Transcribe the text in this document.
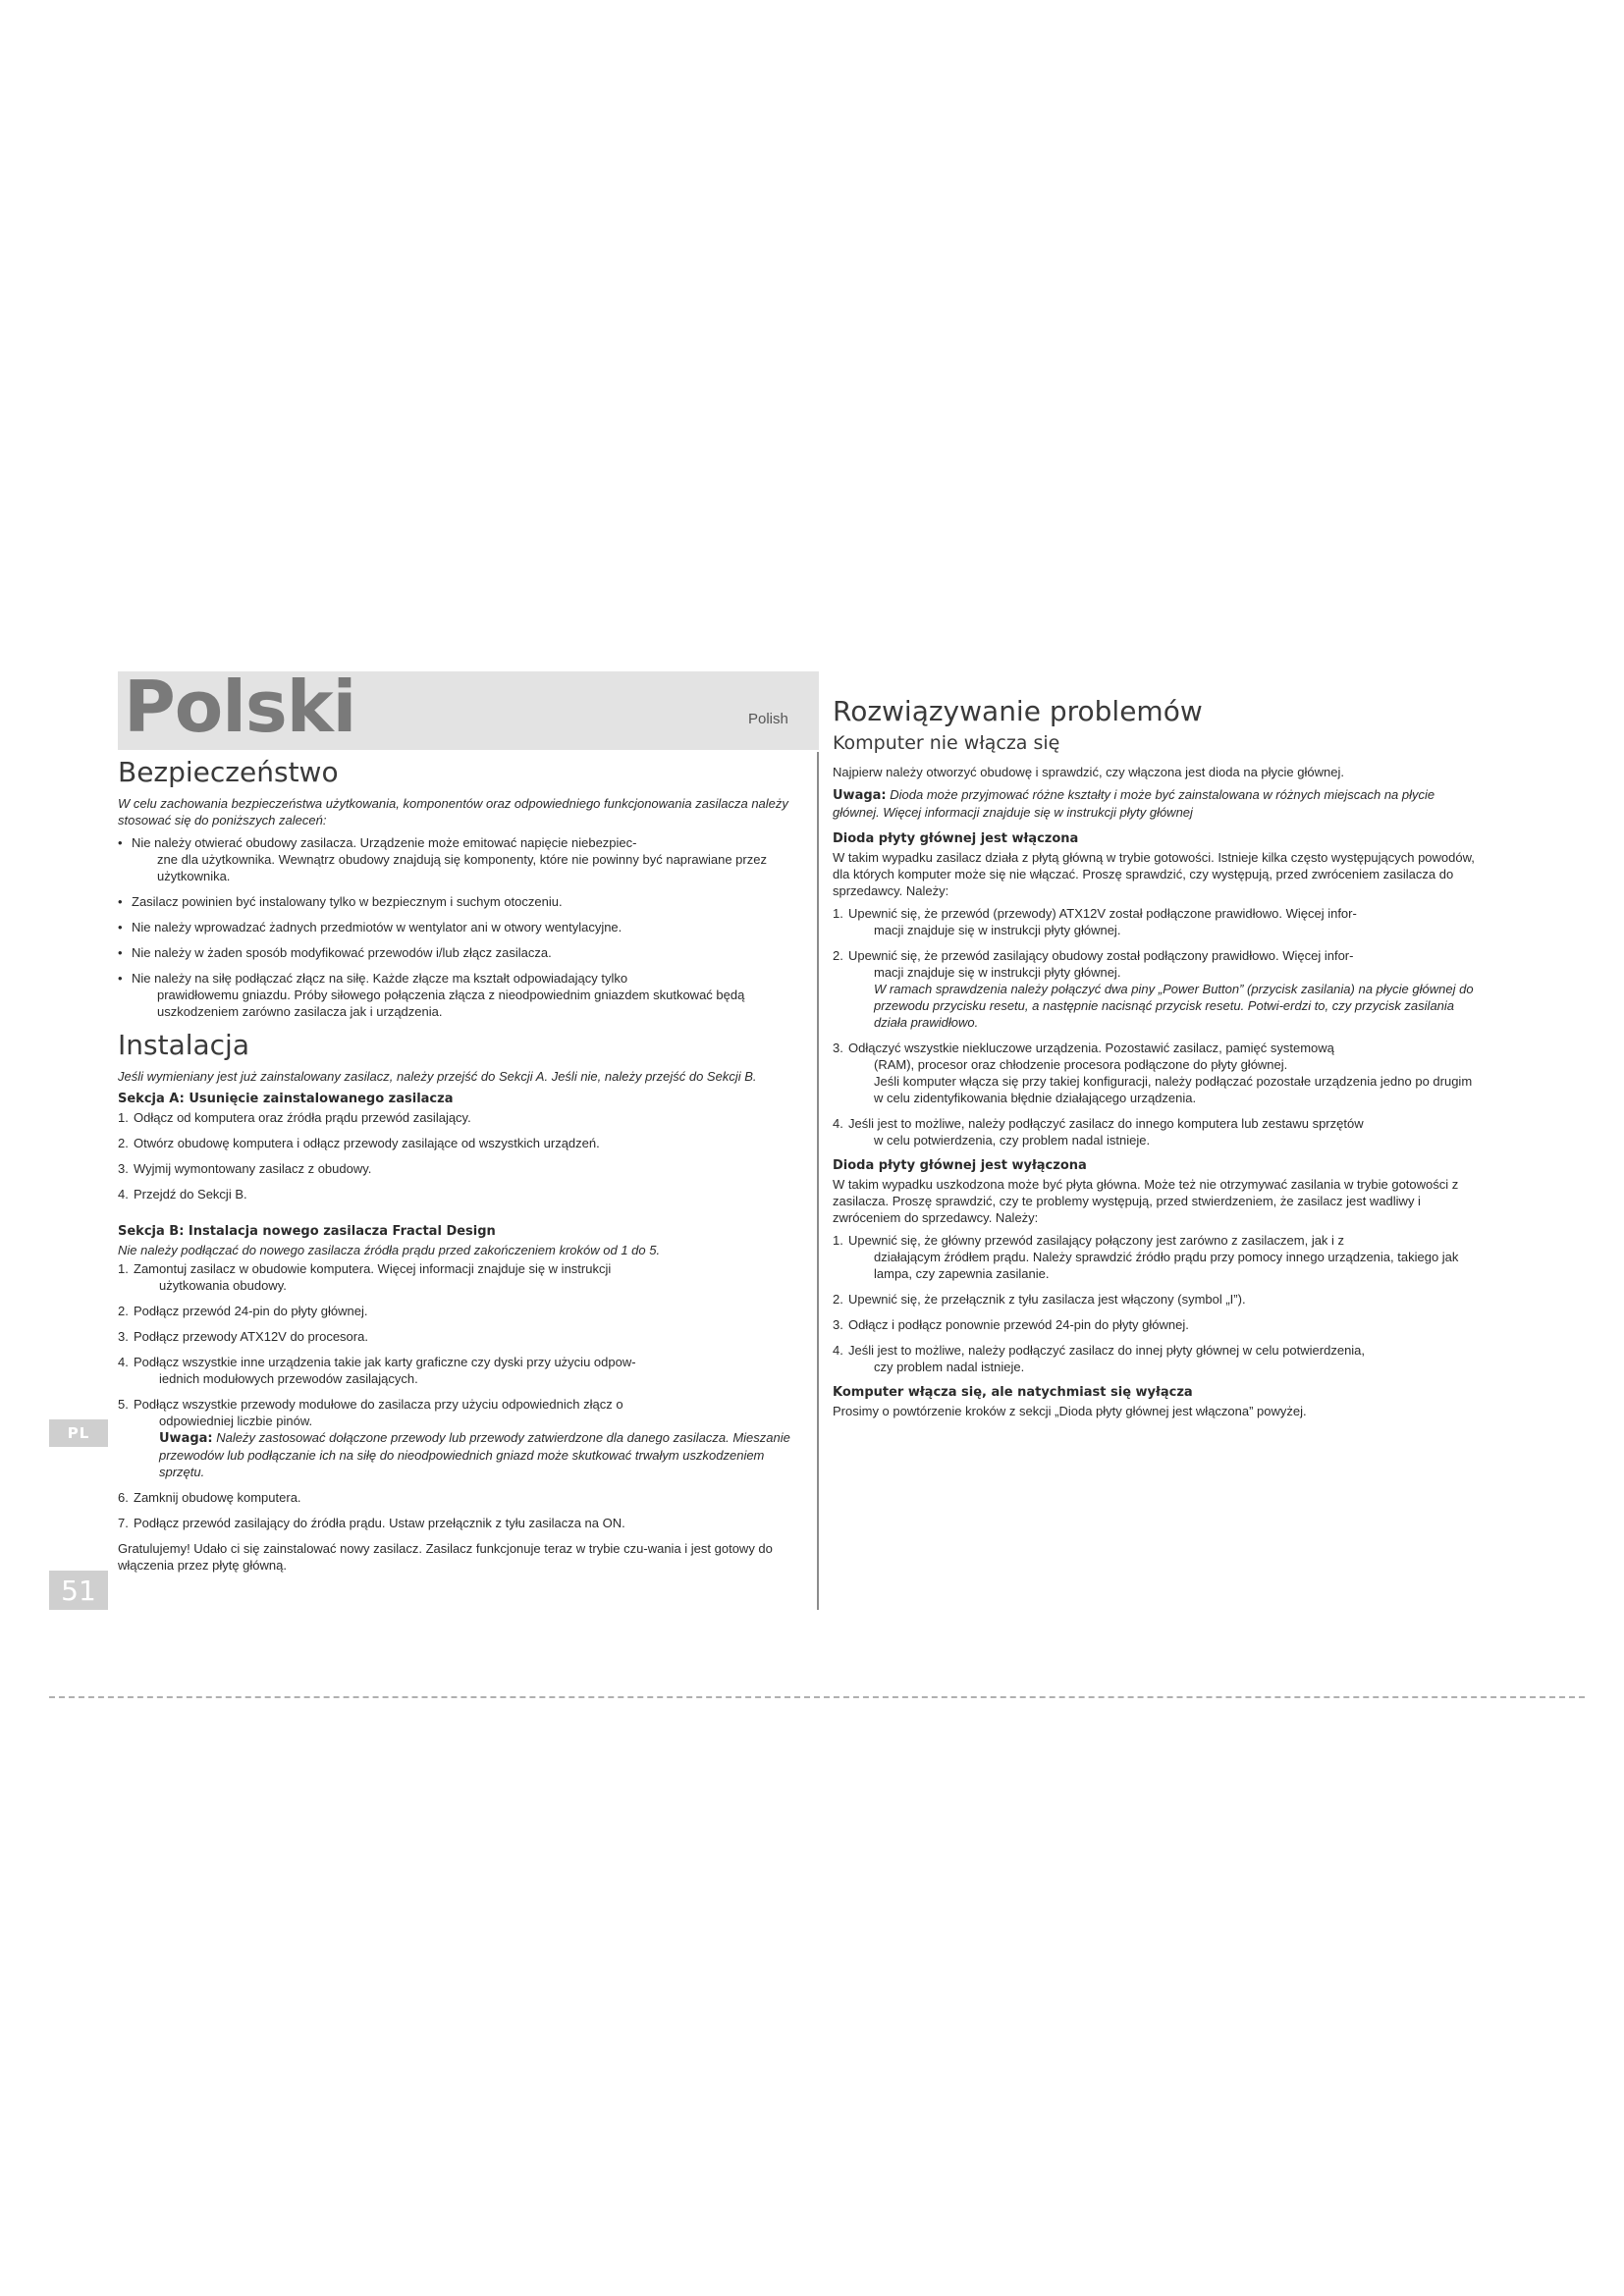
Polski	Polish

PL
51
Bezpieczeństwo

W celu zachowania bezpieczeństwa użytkowania, komponentów oraz odpowiedniego funkcjonowania zasilacza należy stosować się do poniższych zaleceń:

• Nie należy otwierać obudowy zasilacza. Urządzenie może emitować napięcie niebezpiec-
zne dla użytkownika. Wewnątrz obudowy znajdują się komponenty, które nie powinny być naprawiane przez użytkownika.
• Zasilacz powinien być instalowany tylko w bezpiecznym i suchym otoczeniu.
• Nie należy wprowadzać żadnych przedmiotów w wentylator ani w otwory wentylacyjne.
• Nie należy w żaden sposób modyfikować przewodów i/lub złącz zasilacza.
• Nie należy na siłę podłączać złącz na siłę. Każde złącze ma kształt odpowiadający tylko
prawidłowemu gniazdu. Próby siłowego połączenia złącza z nieodpowiednim gniazdem skutkować będą uszkodzeniem zarówno zasilacza jak i urządzenia.
Instalacja

Jeśli wymieniany jest już zainstalowany zasilacz, należy przejść do Sekcji A. Jeśli nie, należy przejść do Sekcji B.

Sekcja A: Usunięcie zainstalowanego zasilacza
1. Odłącz od komputera oraz źródła prądu przewód zasilający.
2. Otwórz obudowę komputera i odłącz przewody zasilające od wszystkich urządzeń.
3. Wyjmij wymontowany zasilacz z obudowy.
4. Przejdź do Sekcji B.
Sekcja B: Instalacja nowego zasilacza Fractal Design

Nie należy podłączać do nowego zasilacza źródła prądu przed zakończeniem kroków od 1 do 5.

1. Zamontuj zasilacz w obudowie komputera. Więcej informacji znajduje się w instrukcji
użytkowania obudowy.
2. Podłącz przewód 24-pin do płyty głównej.
3. Podłącz przewody ATX12V do procesora.
4. Podłącz wszystkie inne urządzenia takie jak karty graficzne czy dyski przy użyciu odpow-
iednich modułowych przewodów zasilających.
5. Podłącz wszystkie przewody modułowe do zasilacza przy użyciu odpowiednich złącz o
odpowiedniej liczbie pinów.
Uwaga: Należy zastosować dołączone przewody lub przewody zatwierdzone dla danego zasilacza. Mieszanie przewodów lub podłączanie ich na siłę do nieodpowiednich gniazd może skutkować trwałym uszkodzeniem sprzętu.
6. Zamknij obudowę komputera.
7. Podłącz przewód zasilający do źródła prądu. Ustaw przełącznik z tyłu zasilacza na ON.

Gratulujemy! Udało ci się zainstalować nowy zasilacz. Zasilacz funkcjonuje teraz w trybie czu-wania i jest gotowy do włączenia przez płytę główną.

Rozwiązywanie problemów
Komputer nie włącza się

Najpierw należy otworzyć obudowę i sprawdzić, czy włączona jest dioda na płycie głównej.

Uwaga: Dioda może przyjmować różne kształty i może być zainstalowana w różnych miejscach na płycie głównej. Więcej informacji znajduje się w instrukcji płyty głównej

Dioda płyty głównej jest włączona

W takim wypadku zasilacz działa z płytą główną w trybie gotowości. Istnieje kilka często występujących powodów, dla których komputer może się nie włączać. Proszę sprawdzić, czy występują, przed zwróceniem zasilacza do sprzedawcy. Należy:

1. Upewnić się, że przewód (przewody) ATX12V został podłączone prawidłowo. Więcej infor-
macji znajduje się w instrukcji płyty głównej.
2. Upewnić się, że przewód zasilający obudowy został podłączony prawidłowo. Więcej infor-
macji znajduje się w instrukcji płyty głównej.
W ramach sprawdzenia należy połączyć dwa piny „Power Button” (przycisk zasilania) na płycie głównej do przewodu przycisku resetu, a następnie nacisnąć przycisk resetu. Potwi-erdzi to, czy przycisk zasilania działa prawidłowo.
3. Odłączyć wszystkie niekluczowe urządzenia. Pozostawić zasilacz, pamięć systemową
(RAM), procesor oraz chłodzenie procesora podłączone do płyty głównej.
Jeśli komputer włącza się przy takiej konfiguracji, należy podłączać pozostałe urządzenia jedno po drugim w celu zidentyfikowania błędnie działającego urządzenia.
4. Jeśli jest to możliwe, należy podłączyć zasilacz do innego komputera lub zestawu sprzętów
w celu potwierdzenia, czy problem nadal istnieje.
Dioda płyty głównej jest wyłączona

W takim wypadku uszkodzona może być płyta główna. Może też nie otrzymywać zasilania w trybie gotowości z zasilacza. Proszę sprawdzić, czy te problemy występują, przed stwierdzeniem, że zasilacz jest wadliwy i zwróceniem do sprzedawcy. Należy:

1. Upewnić się, że główny przewód zasilający połączony jest zarówno z zasilaczem, jak i z
działającym źródłem prądu. Należy sprawdzić źródło prądu przy pomocy innego urządzenia, takiego jak lampa, czy zapewnia zasilanie.
2. Upewnić się, że przełącznik z tyłu zasilacza jest włączony (symbol „I”).
3. Odłącz i podłącz ponownie przewód 24-pin do płyty głównej.
4. Jeśli jest to możliwe, należy podłączyć zasilacz do innej płyty głównej w celu potwierdzenia,
czy problem nadal istnieje.
Komputer włącza się, ale natychmiast się wyłącza

Prosimy o powtórzenie kroków z sekcji „Dioda płyty głównej jest włączona” powyżej.
